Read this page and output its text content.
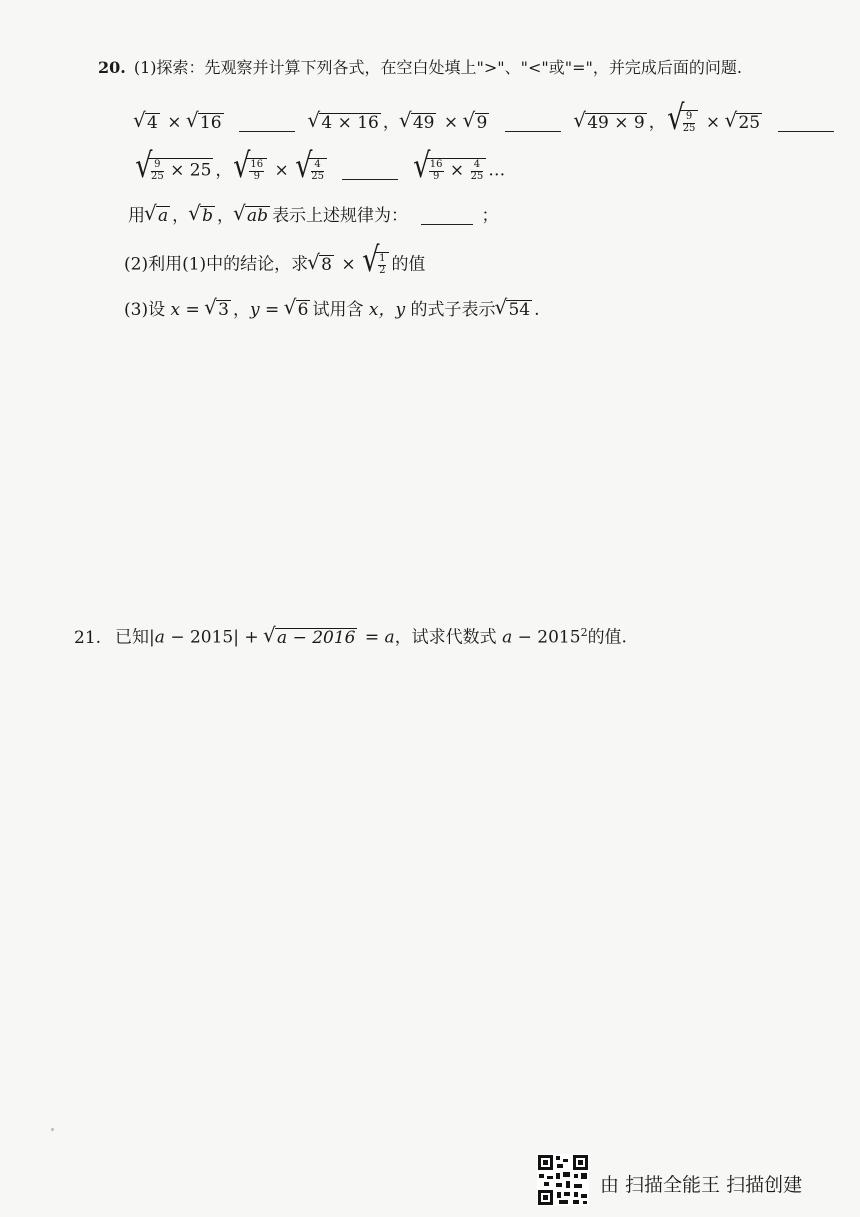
20. (1)探索：先观察并计算下列各式，在空白处填上">"、"<"或"="，并完成后面的问题.
√ 4 × √ 16	√ 4 × 16 ， √ 49 × √ 9	√ 49 × 9 ， √ $\frac{9}{25}$ × √ 25
√ $\frac{9}{25} \times 25$ ， √ $\frac{16}{9}$ × √ $\frac{4}{25}$
	√ $\frac{16}{9} \times \frac{4}{25}$ …
用 √ a ， √ b ， √ ab 表示上述规律为：	；
(2)利用(1)中的结论，求 √ 8 × √ $\frac{1}{2}$ 的值
(3)设 x = √ 3 ，y = √ 6 试用含 x，y 的式子表示 √ 54 .
21. 已知|a − 2015| + √ a − 2016 = a，试求代数式 $a - 2015^2$的值.
由 扫描全能王 扫描创建
